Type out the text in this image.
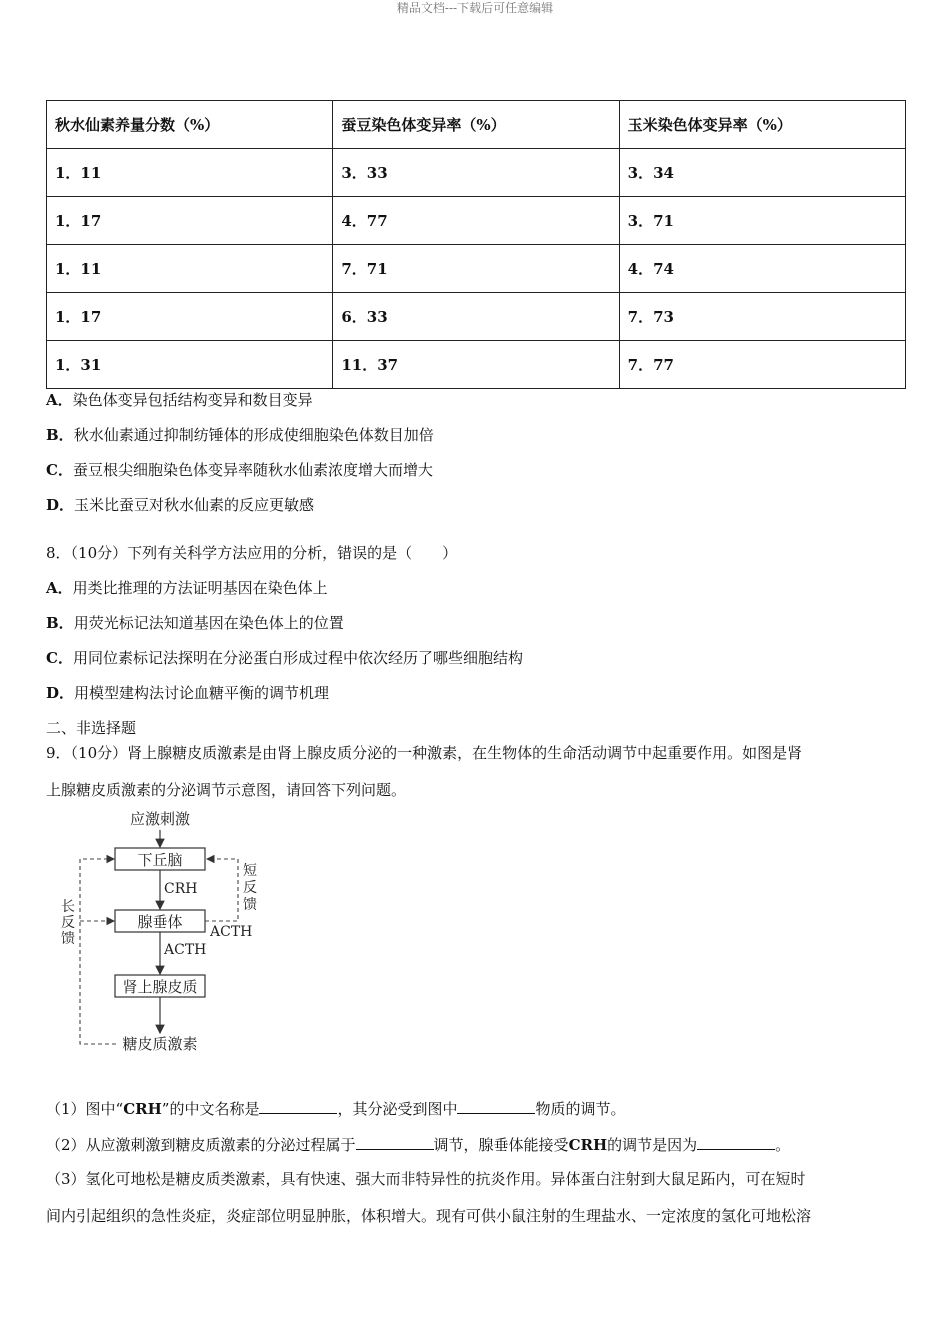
精品文档---下载后可任意编辑
秋水仙素养量分数（%）	蚕豆染色体变异率（%）	玉米染色体变异率（%）
1．11	3．33	3．34
1．17	4．77	3．71
1．11	7．71	4．74
1．17	6．33	7．73
1．31	11．37	7．77
A．染色体变异包括结构变异和数目变异
B．秋水仙素通过抑制纺锤体的形成使细胞染色体数目加倍
C．蚕豆根尖细胞染色体变异率随秋水仙素浓度增大而增大
D．玉米比蚕豆对秋水仙素的反应更敏感
8．（10分）下列有关科学方法应用的分析，错误的是（　　）
A．用类比推理的方法证明基因在染色体上
B．用荧光标记法知道基因在染色体上的位置
C．用同位素标记法探明在分泌蛋白形成过程中依次经历了哪些细胞结构
D．用模型建构法讨论血糖平衡的调节机理
二、非选择题
9．（10分）肾上腺糖皮质激素是由肾上腺皮质分泌的一种激素，在生物体的生命活动调节中起重要作用。如图是肾
上腺糖皮质激素的分泌调节示意图，请回答下列问题。
应激刺激
下丘脑
CRH
腺垂体
ACTH
肾上腺皮质
糖皮质激素
长
反
馈
短
反
馈
ACTH
（1）图中“CRH”的中文名称是	，其分泌受到图中	物质的调节。
（2）从应激刺激到糖皮质激素的分泌过程属于	调节，腺垂体能接受CRH的调节是因为	。
（3）氢化可地松是糖皮质类激素，具有快速、强大而非特异性的抗炎作用。异体蛋白注射到大鼠足跖内，可在短时
间内引起组织的急性炎症，炎症部位明显肿胀，体积增大。现有可供小鼠注射的生理盐水、一定浓度的氢化可地松溶
